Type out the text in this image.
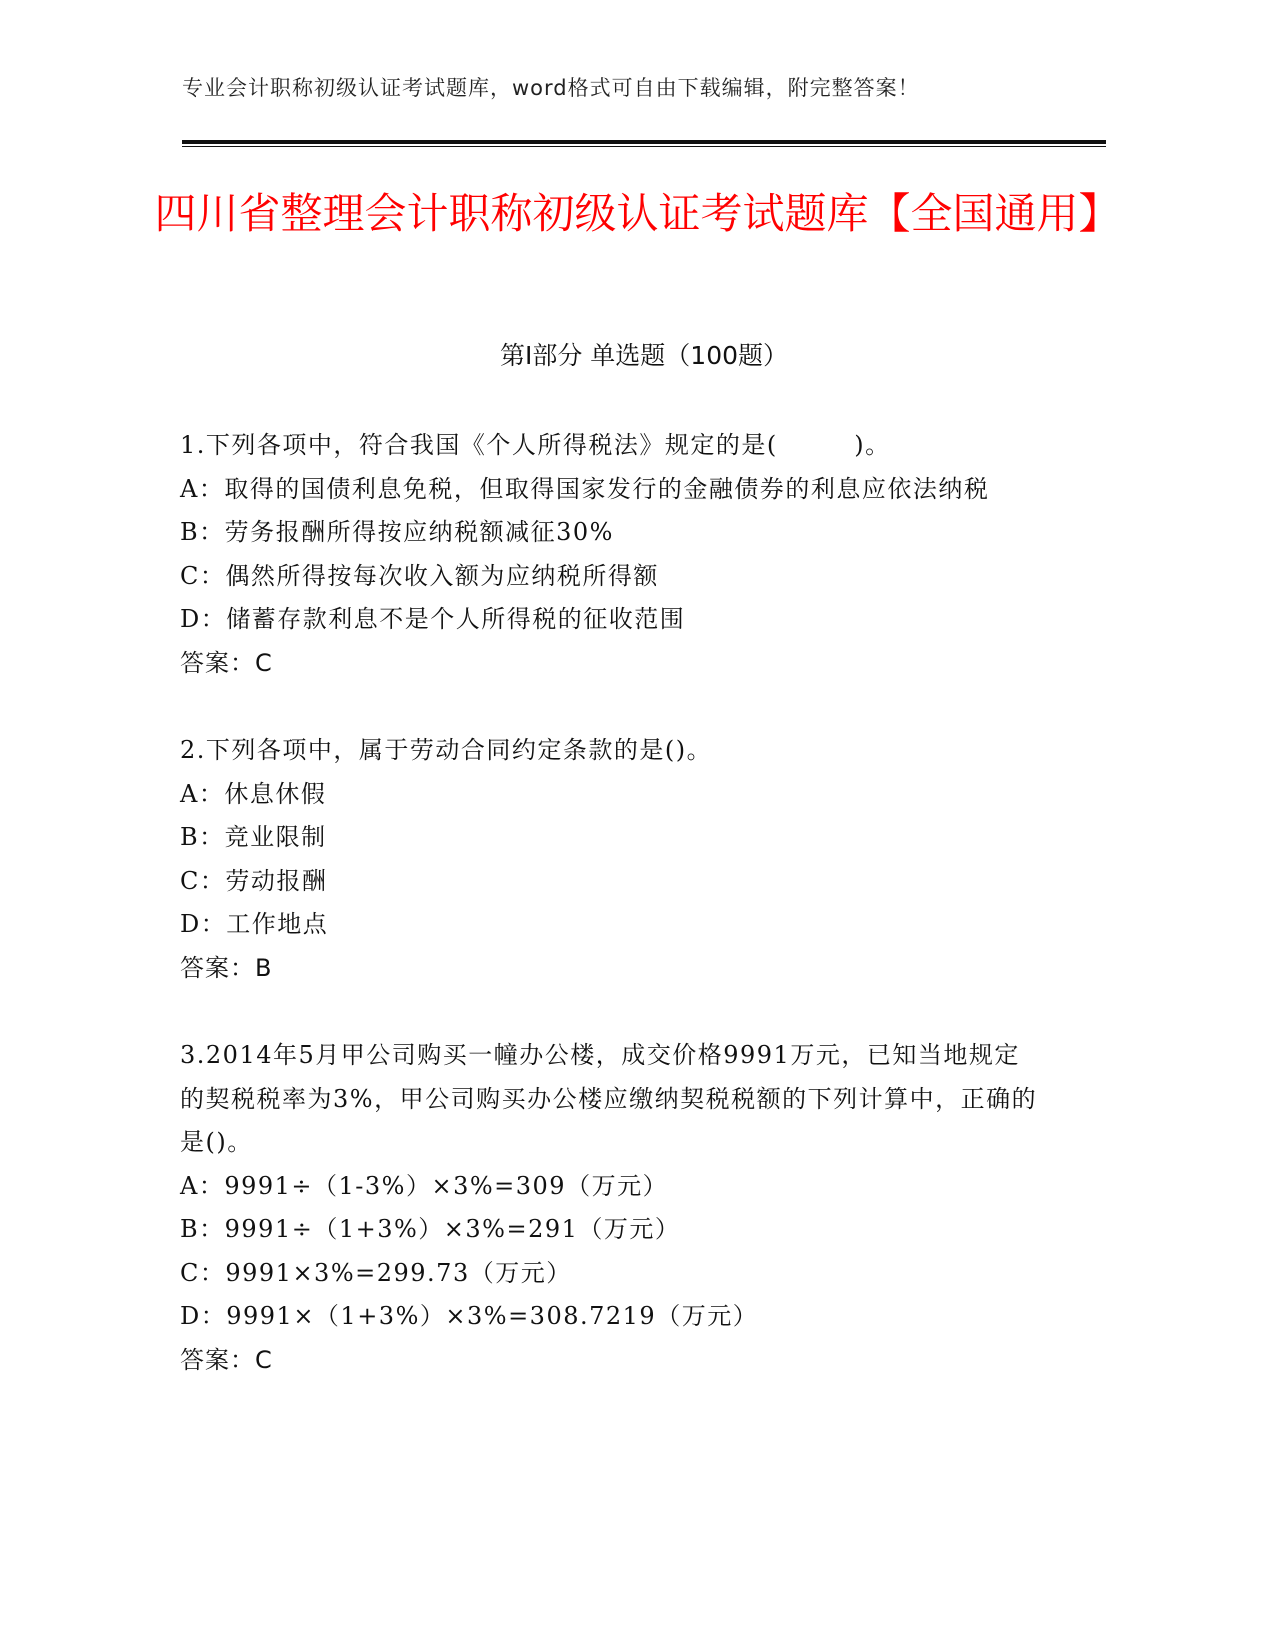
专业会计职称初级认证考试题库，word格式可自由下载编辑，附完整答案！
四川省整理会计职称初级认证考试题库【全国通用】
第Ⅰ部分 单选题（100题）

1.下列各项中，符合我国《个人所得税法》规定的是(　　　)。

A：取得的国债利息免税，但取得国家发行的金融债券的利息应依法纳税

B：劳务报酬所得按应纳税额减征30%

C：偶然所得按每次收入额为应纳税所得额

D：储蓄存款利息不是个人所得税的征收范围

答案：C

2.下列各项中，属于劳动合同约定条款的是()。

A：休息休假

B：竞业限制

C：劳动报酬

D：工作地点

答案：B

3.2014年5月甲公司购买一幢办公楼，成交价格9991万元，已知当地规定的契税税率为3%，甲公司购买办公楼应缴纳契税税额的下列计算中，正确的是()。

A：9991÷（1-3%）×3%=309（万元）

B：9991÷（1+3%）×3%=291（万元）

C：9991×3%=299.73（万元）

D：9991×（1+3%）×3%=308.7219（万元）

答案：C
